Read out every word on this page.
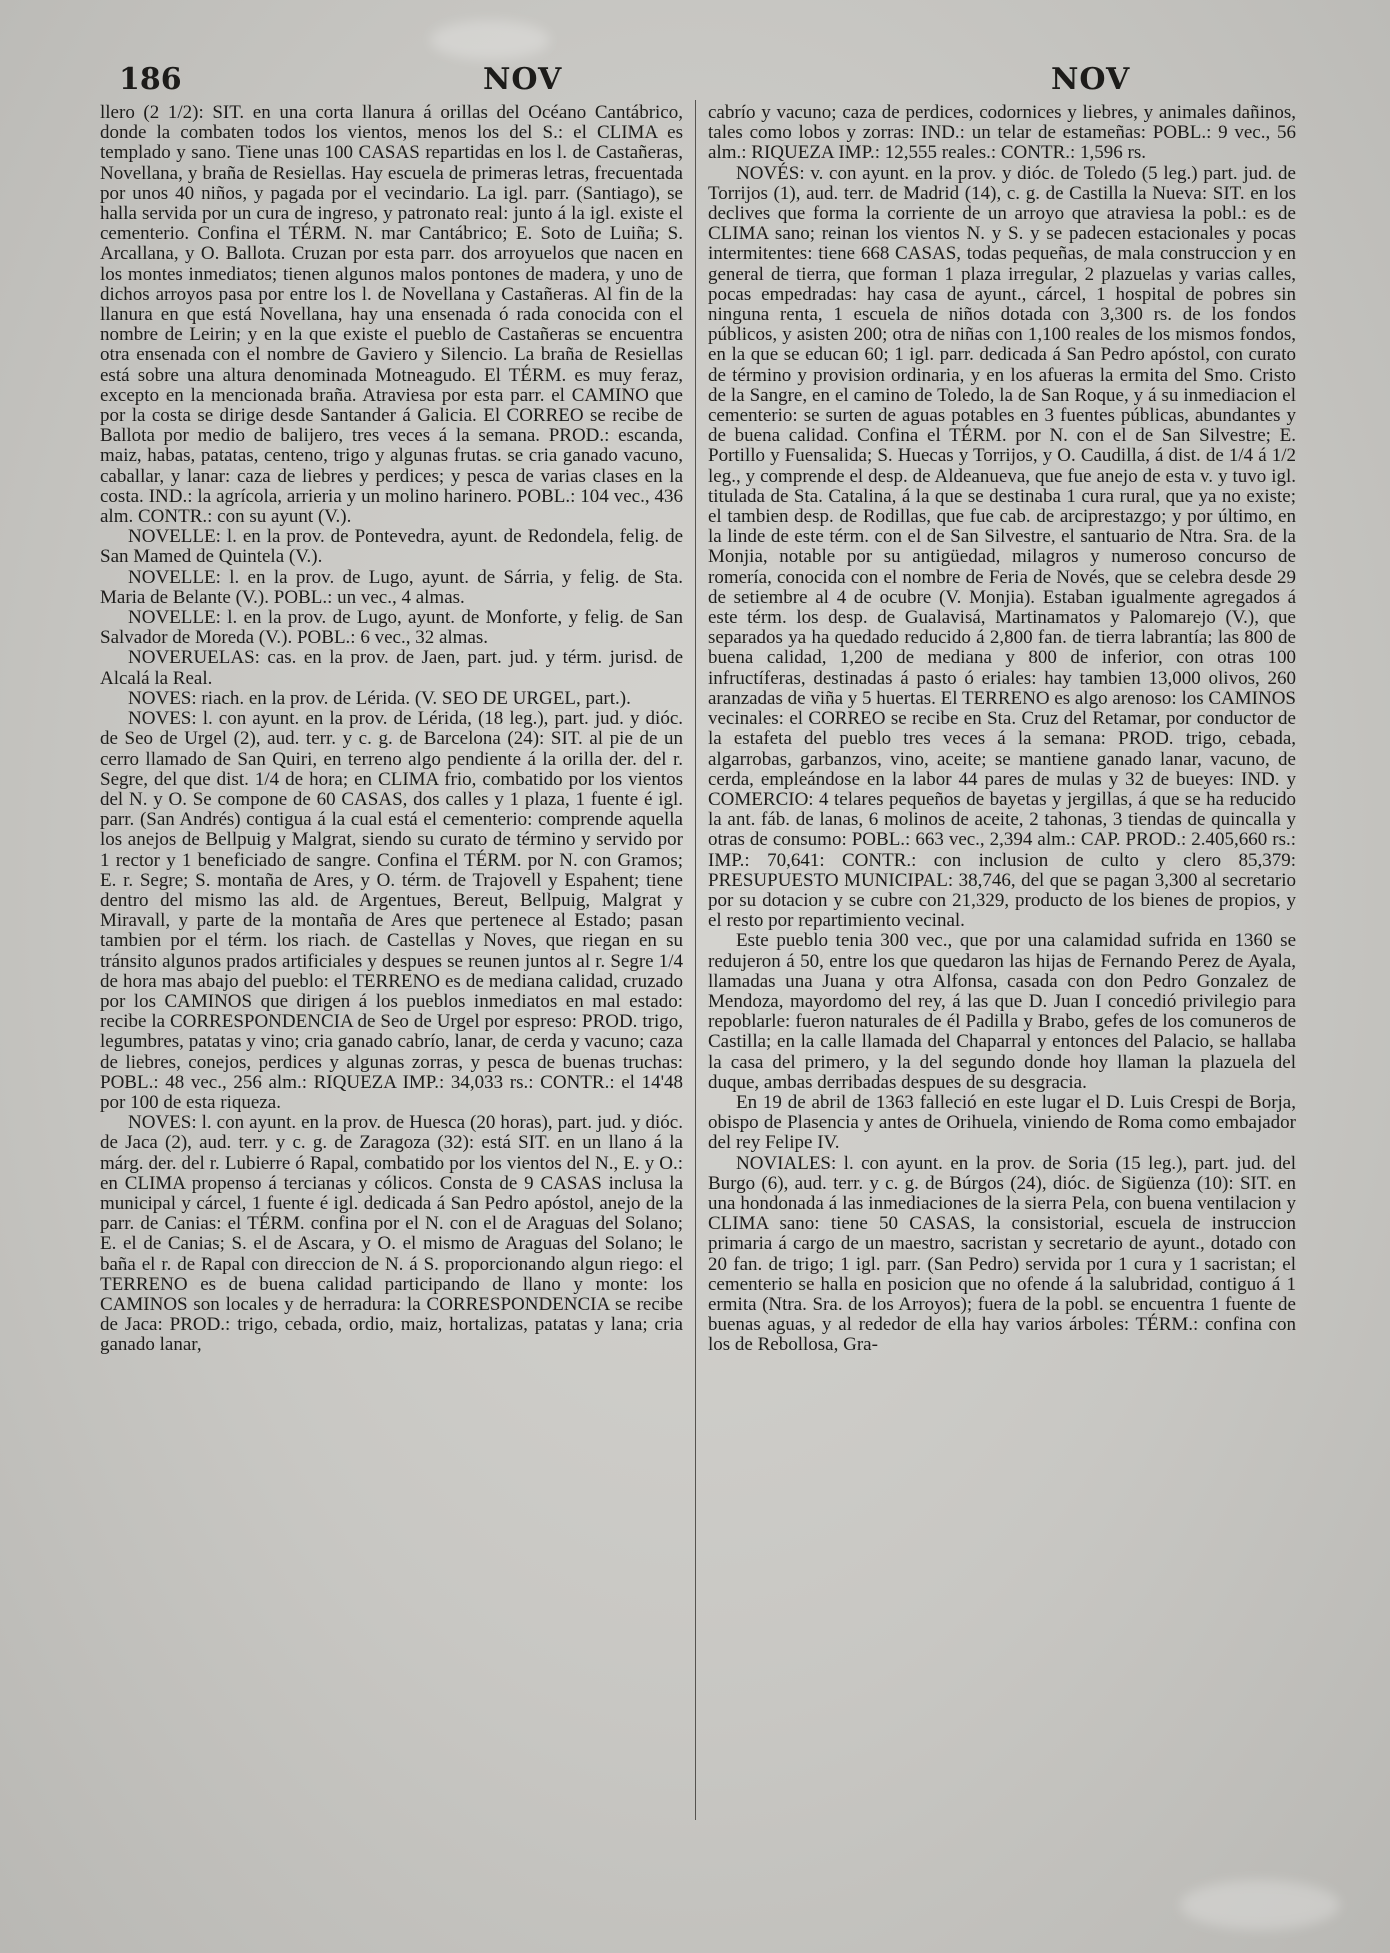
186	NOV	NOV

llero (2 1/2): SIT. en una corta llanura á orillas del Océano Cantábrico, donde la combaten todos los vientos, menos los del S.: el CLIMA es templado y sano. Tiene unas 100 CASAS repartidas en los l. de Castañeras, Novellana, y braña de Resiellas. Hay escuela de primeras letras, frecuentada por unos 40 niños, y pagada por el vecindario. La igl. parr. (Santiago), se halla servida por un cura de ingreso, y patronato real: junto á la igl. existe el cementerio. Confina el TÉRM. N. mar Cantábrico; E. Soto de Luiña; S. Arcallana, y O. Ballota. Cruzan por esta parr. dos arroyuelos que nacen en los montes inmediatos; tienen algunos malos pontones de madera, y uno de dichos arroyos pasa por entre los l. de Novellana y Castañeras. Al fin de la llanura en que está Novellana, hay una ensenada ó rada conocida con el nombre de Leirin; y en la que existe el pueblo de Castañeras se encuentra otra ensenada con el nombre de Gaviero y Silencio. La braña de Resiellas está sobre una altura denominada Motneagudo. El TÉRM. es muy feraz, excepto en la mencionada braña. Atraviesa por esta parr. el CAMINO que por la costa se dirige desde Santander á Galicia. El CORREO se recibe de Ballota por medio de balijero, tres veces á la semana. PROD.: escanda, maiz, habas, patatas, centeno, trigo y algunas frutas. se cria ganado vacuno, caballar, y lanar: caza de liebres y perdices; y pesca de varias clases en la costa. IND.: la agrícola, arrieria y un molino harinero. POBL.: 104 vec., 436 alm. CONTR.: con su ayunt (V.).

NOVELLE: l. en la prov. de Pontevedra, ayunt. de Redondela, felig. de San Mamed de Quintela (V.).

NOVELLE: l. en la prov. de Lugo, ayunt. de Sárria, y felig. de Sta. Maria de Belante (V.). POBL.: un vec., 4 almas.

NOVELLE: l. en la prov. de Lugo, ayunt. de Monforte, y felig. de San Salvador de Moreda (V.). POBL.: 6 vec., 32 almas.

NOVERUELAS: cas. en la prov. de Jaen, part. jud. y térm. jurisd. de Alcalá la Real.

NOVES: riach. en la prov. de Lérida. (V. SEO DE URGEL, part.).

NOVES: l. con ayunt. en la prov. de Lérida, (18 leg.), part. jud. y dióc. de Seo de Urgel (2), aud. terr. y c. g. de Barcelona (24): SIT. al pie de un cerro llamado de San Quiri, en terreno algo pendiente á la orilla der. del r. Segre, del que dist. 1/4 de hora; en CLIMA frio, combatido por los vientos del N. y O. Se compone de 60 CASAS, dos calles y 1 plaza, 1 fuente é igl. parr. (San Andrés) contigua á la cual está el cementerio: comprende aquella los anejos de Bellpuig y Malgrat, siendo su curato de término y servido por 1 rector y 1 beneficiado de sangre. Confina el TÉRM. por N. con Gramos; E. r. Segre; S. montaña de Ares, y O. térm. de Trajovell y Espahent; tiene dentro del mismo las ald. de Argentues, Bereut, Bellpuig, Malgrat y Miravall, y parte de la montaña de Ares que pertenece al Estado; pasan tambien por el térm. los riach. de Castellas y Noves, que riegan en su tránsito algunos prados artificiales y despues se reunen juntos al r. Segre 1/4 de hora mas abajo del pueblo: el TERRENO es de mediana calidad, cruzado por los CAMINOS que dirigen á los pueblos inmediatos en mal estado: recibe la CORRESPONDENCIA de Seo de Urgel por espreso: PROD. trigo, legumbres, patatas y vino; cria ganado cabrío, lanar, de cerda y vacuno; caza de liebres, conejos, perdices y algunas zorras, y pesca de buenas truchas: POBL.: 48 vec., 256 alm.: RIQUEZA IMP.: 34,033 rs.: CONTR.: el 14'48 por 100 de esta riqueza.

NOVES: l. con ayunt. en la prov. de Huesca (20 horas), part. jud. y dióc. de Jaca (2), aud. terr. y c. g. de Zaragoza (32): está SIT. en un llano á la márg. der. del r. Lubierre ó Rapal, combatido por los vientos del N., E. y O.: en CLIMA propenso á tercianas y cólicos. Consta de 9 CASAS inclusa la municipal y cárcel, 1 fuente é igl. dedicada á San Pedro apóstol, anejo de la parr. de Canias: el TÉRM. confina por el N. con el de Araguas del Solano; E. el de Canias; S. el de Ascara, y O. el mismo de Araguas del Solano; le baña el r. de Rapal con direccion de N. á S. proporcionando algun riego: el TERRENO es de buena calidad participando de llano y monte: los CAMINOS son locales y de herradura: la CORRESPONDENCIA se recibe de Jaca: PROD.: trigo, cebada, ordio, maiz, hortalizas, patatas y lana; cria ganado lanar,

cabrío y vacuno; caza de perdices, codornices y liebres, y animales dañinos, tales como lobos y zorras: IND.: un telar de estameñas: POBL.: 9 vec., 56 alm.: RIQUEZA IMP.: 12,555 reales.: CONTR.: 1,596 rs.

NOVÉS: v. con ayunt. en la prov. y dióc. de Toledo (5 leg.) part. jud. de Torrijos (1), aud. terr. de Madrid (14), c. g. de Castilla la Nueva: SIT. en los declives que forma la corriente de un arroyo que atraviesa la pobl.: es de CLIMA sano; reinan los vientos N. y S. y se padecen estacionales y pocas intermitentes: tiene 668 CASAS, todas pequeñas, de mala construccion y en general de tierra, que forman 1 plaza irregular, 2 plazuelas y varias calles, pocas empedradas: hay casa de ayunt., cárcel, 1 hospital de pobres sin ninguna renta, 1 escuela de niños dotada con 3,300 rs. de los fondos públicos, y asisten 200; otra de niñas con 1,100 reales de los mismos fondos, en la que se educan 60; 1 igl. parr. dedicada á San Pedro apóstol, con curato de término y provision ordinaria, y en los afueras la ermita del Smo. Cristo de la Sangre, en el camino de Toledo, la de San Roque, y á su inmediacion el cementerio: se surten de aguas potables en 3 fuentes públicas, abundantes y de buena calidad. Confina el TÉRM. por N. con el de San Silvestre; E. Portillo y Fuensalida; S. Huecas y Torrijos, y O. Caudilla, á dist. de 1/4 á 1/2 leg., y comprende el desp. de Aldeanueva, que fue anejo de esta v. y tuvo igl. titulada de Sta. Catalina, á la que se destinaba 1 cura rural, que ya no existe; el tambien desp. de Rodillas, que fue cab. de arciprestazgo; y por último, en la linde de este térm. con el de San Silvestre, el santuario de Ntra. Sra. de la Monjia, notable por su antigüedad, milagros y numeroso concurso de romería, conocida con el nombre de Feria de Novés, que se celebra desde 29 de setiembre al 4 de ocubre (V. Monjia). Estaban igualmente agregados á este térm. los desp. de Gualavisá, Martinamatos y Palomarejo (V.), que separados ya ha quedado reducido á 2,800 fan. de tierra labrantía; las 800 de buena calidad, 1,200 de mediana y 800 de inferior, con otras 100 infructíferas, destinadas á pasto ó eriales: hay tambien 13,000 olivos, 260 aranzadas de viña y 5 huertas. El TERRENO es algo arenoso: los CAMINOS vecinales: el CORREO se recibe en Sta. Cruz del Retamar, por conductor de la estafeta del pueblo tres veces á la semana: PROD. trigo, cebada, algarrobas, garbanzos, vino, aceite; se mantiene ganado lanar, vacuno, de cerda, empleándose en la labor 44 pares de mulas y 32 de bueyes: IND. y COMERCIO: 4 telares pequeños de bayetas y jergillas, á que se ha reducido la ant. fáb. de lanas, 6 molinos de aceite, 2 tahonas, 3 tiendas de quincalla y otras de consumo: POBL.: 663 vec., 2,394 alm.: CAP. PROD.: 2.405,660 rs.: IMP.: 70,641: CONTR.: con inclusion de culto y clero 85,379: PRESUPUESTO MUNICIPAL: 38,746, del que se pagan 3,300 al secretario por su dotacion y se cubre con 21,329, producto de los bienes de propios, y el resto por repartimiento vecinal.

Este pueblo tenia 300 vec., que por una calamidad sufrida en 1360 se redujeron á 50, entre los que quedaron las hijas de Fernando Perez de Ayala, llamadas una Juana y otra Alfonsa, casada con don Pedro Gonzalez de Mendoza, mayordomo del rey, á las que D. Juan I concedió privilegio para repoblarle: fueron naturales de él Padilla y Brabo, gefes de los comuneros de Castilla; en la calle llamada del Chaparral y entonces del Palacio, se hallaba la casa del primero, y la del segundo donde hoy llaman la plazuela del duque, ambas derribadas despues de su desgracia.

En 19 de abril de 1363 falleció en este lugar el D. Luis Crespi de Borja, obispo de Plasencia y antes de Orihuela, viniendo de Roma como embajador del rey Felipe IV.

NOVIALES: l. con ayunt. en la prov. de Soria (15 leg.), part. jud. del Burgo (6), aud. terr. y c. g. de Búrgos (24), dióc. de Sigüenza (10): SIT. en una hondonada á las inmediaciones de la sierra Pela, con buena ventilacion y CLIMA sano: tiene 50 CASAS, la consistorial, escuela de instruccion primaria á cargo de un maestro, sacristan y secretario de ayunt., dotado con 20 fan. de trigo; 1 igl. parr. (San Pedro) servida por 1 cura y 1 sacristan; el cementerio se halla en posicion que no ofende á la salubridad, contiguo á 1 ermita (Ntra. Sra. de los Arroyos); fuera de la pobl. se encuentra 1 fuente de buenas aguas, y al rededor de ella hay varios árboles: TÉRM.: confina con los de Rebollosa, Gra-
